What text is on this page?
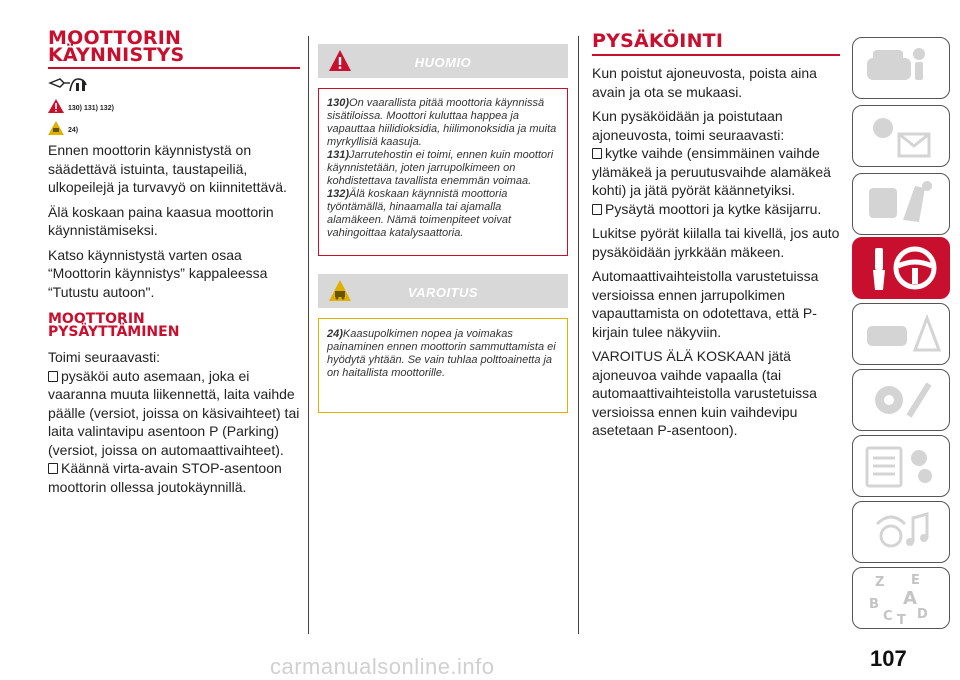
MOOTTORIN
KÄYNNISTYS
130) 131) 132)
24)

Ennen moottorin käynnistystä on säädettävä istuinta, taustapeiliä, ulkopeilejä ja turvavyö on kiinnitettävä.

Älä koskaan paina kaasua moottorin käynnistämiseksi.

Katso käynnistystä varten osaa “Moottorin käynnistys” kappaleessa “Tutustu autoon".

MOOTTORIN
PYSÄYTTÄMINEN

Toimi seuraavasti:

pysäköi auto asemaan, joka ei vaaranna muuta liikennettä, laita vaihde päälle (versiot, joissa on käsivaihteet) tai laita valintavipu asentoon P (Parking) (versiot, joissa on automaattivaihteet).

Käännä virta-avain STOP-asentoon moottorin ollessa joutokäynnillä.

HUOMIO
130)On vaarallista pitää moottoria käynnissä sisätiloissa. Moottori kuluttaa happea ja vapauttaa hiilidioksidia, hiilimonoksidia ja muita myrkyllisiä kaasuja.
131)Jarrutehostin ei toimi, ennen kuin moottori käynnistetään, joten jarrupolkimeen on kohdistettava tavallista enemmän voimaa.
132)Älä koskaan käynnistä moottoria työntämällä, hinaamalla tai ajamalla alamäkeen. Nämä toimenpiteet voivat vahingoittaa katalysaattoria.
VAROITUS
24)Kaasupolkimen nopea ja voimakas painaminen ennen moottorin sammuttamista ei hyödytä yhtään. Se vain tuhlaa polttoainetta ja on haitallista moottorille.
PYSÄKÖINTI

Kun poistut ajoneuvosta, poista aina avain ja ota se mukaasi.

Kun pysäköidään ja poistutaan ajoneuvosta, toimi seuraavasti:

kytke vaihde (ensimmäinen vaihde ylämäkeä ja peruutusvaihde alamäkeä kohti) ja jätä pyörät käännetyiksi.

Pysäytä moottori ja kytke käsijarru.

Lukitse pyörät kiilalla tai kivellä, jos auto pysäköidään jyrkkään mäkeen.

Automaattivaihteistolla varustetuissa versioissa ennen jarrupolkimen vapauttamista on odotettava, että P-kirjain tulee näkyviin.

VAROITUS ÄLÄ KOSKAAN jätä ajoneuvoa vaihde vapaalla (tai automaattivaihteistolla varustetuissa versioissa ennen kuin vaihdevipu asetetaan P-asentoon).

Z E
B A
C T D
107
carmanualsonline.info
